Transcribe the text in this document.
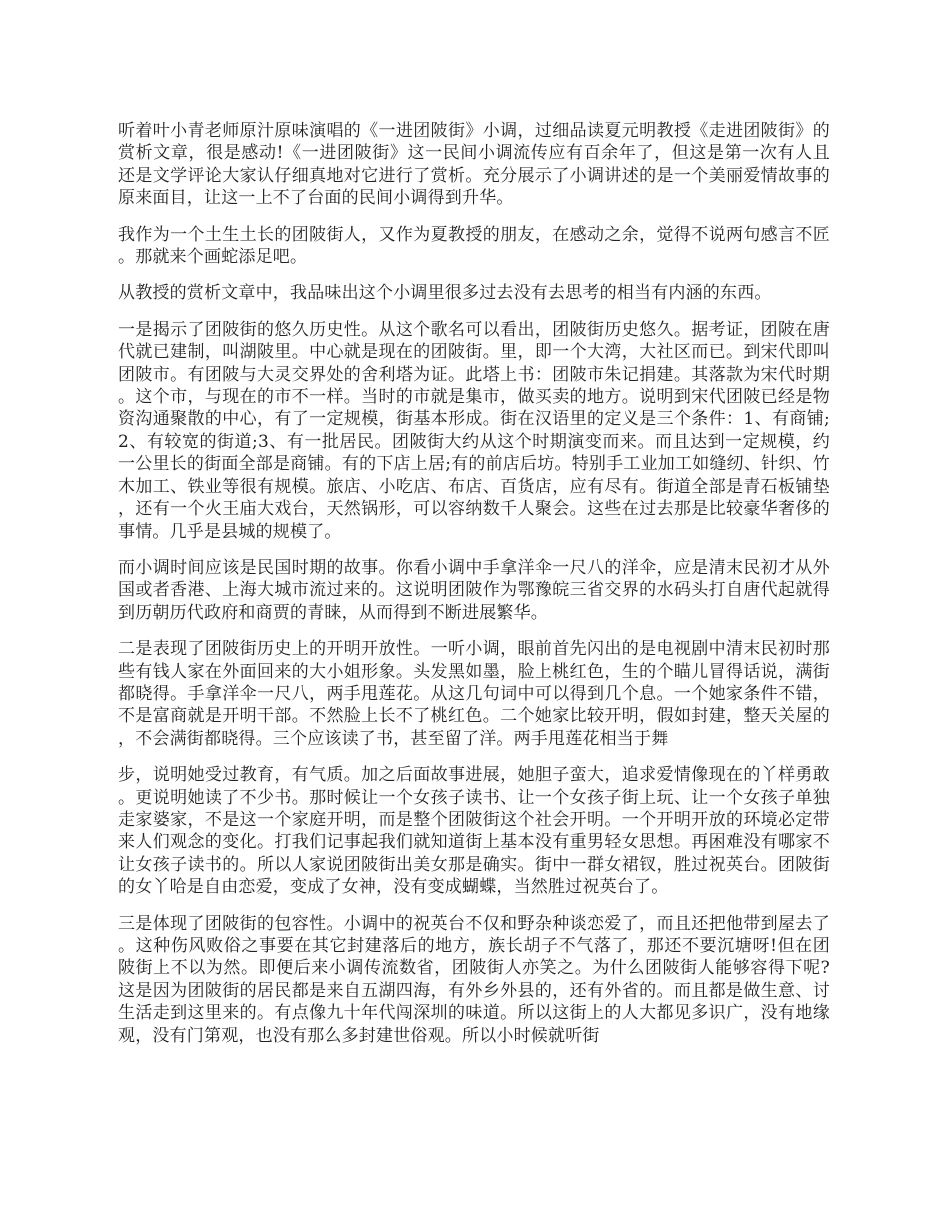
听着叶小青老师原汁原味演唱的《一进团陂街》小调，过细品读夏元明教授《走进团陂街》的赏析文章，很是感动!《一进团陂街》这一民间小调流传应有百余年了，但这是第一次有人且还是文学评论大家认仔细真地对它进行了赏析。充分展示了小调讲述的是一个美丽爱情故事的原来面目，让这一上不了台面的民间小调得到升华。

我作为一个土生土长的团陂街人，又作为夏教授的朋友，在感动之余，觉得不说两句感言不匠。那就来个画蛇添足吧。

从教授的赏析文章中，我品味出这个小调里很多过去没有去思考的相当有内涵的东西。

一是揭示了团陂街的悠久历史性。从这个歌名可以看出，团陂街历史悠久。据考证，团陂在唐代就已建制，叫湖陂里。中心就是现在的团陂街。里，即一个大湾，大社区而已。到宋代即叫团陂市。有团陂与大灵交界处的舍利塔为证。此塔上书：团陂市朱记捐建。其落款为宋代时期。这个市，与现在的市不一样。当时的市就是集市，做买卖的地方。说明到宋代团陂已经是物资沟通聚散的中心，有了一定规模，街基本形成。街在汉语里的定义是三个条件：1、有商铺;2、有较宽的街道;3、有一批居民。团陂街大约从这个时期演变而来。而且达到一定规模，约一公里长的街面全部是商铺。有的下店上居;有的前店后坊。特别手工业加工如缝纫、针织、竹木加工、铁业等很有规模。旅店、小吃店、布店、百货店，应有尽有。街道全部是青石板铺垫，还有一个火王庙大戏台，天然锅形，可以容纳数千人聚会。这些在过去那是比较豪华奢侈的事情。几乎是县城的规模了。

而小调时间应该是民国时期的故事。你看小调中手拿洋伞一尺八的洋伞，应是清末民初才从外国或者香港、上海大城市流过来的。这说明团陂作为鄂豫皖三省交界的水码头打自唐代起就得到历朝历代政府和商贾的青睐，从而得到不断进展繁华。

二是表现了团陂街历史上的开明开放性。一听小调，眼前首先闪出的是电视剧中清末民初时那些有钱人家在外面回来的大小姐形象。头发黑如墨，脸上桃红色，生的个瞄儿冒得话说，满街都晓得。手拿洋伞一尺八，两手甩莲花。从这几句词中可以得到几个息。一个她家条件不错，不是富商就是开明干部。不然脸上长不了桃红色。二个她家比较开明，假如封建，整天关屋的，不会满街都晓得。三个应该读了书，甚至留了洋。两手甩莲花相当于舞

步，说明她受过教育，有气质。加之后面故事进展，她胆子蛮大，追求爱情像现在的丫样勇敢。更说明她读了不少书。那时候让一个女孩子读书、让一个女孩子街上玩、让一个女孩子单独走家婆家，不是这一个家庭开明，而是整个团陂街这个社会开明。一个开明开放的环境必定带来人们观念的变化。打我们记事起我们就知道街上基本没有重男轻女思想。再困难没有哪家不让女孩子读书的。所以人家说团陂街出美女那是确实。街中一群女裙钗，胜过祝英台。团陂街的女丫哈是自由恋爱，变成了女神，没有变成蝴蝶，当然胜过祝英台了。

三是体现了团陂街的包容性。小调中的祝英台不仅和野杂种谈恋爱了，而且还把他带到屋去了。这种伤风败俗之事要在其它封建落后的地方，族长胡子不气落了，那还不要沉塘呀!但在团陂街上不以为然。即便后来小调传流数省，团陂街人亦笑之。为什么团陂街人能够容得下呢?这是因为团陂街的居民都是来自五湖四海，有外乡外县的，还有外省的。而且都是做生意、讨生活走到这里来的。有点像九十年代闯深圳的味道。所以这街上的人大都见多识广，没有地缘观，没有门第观，也没有那么多封建世俗观。所以小时候就听街
